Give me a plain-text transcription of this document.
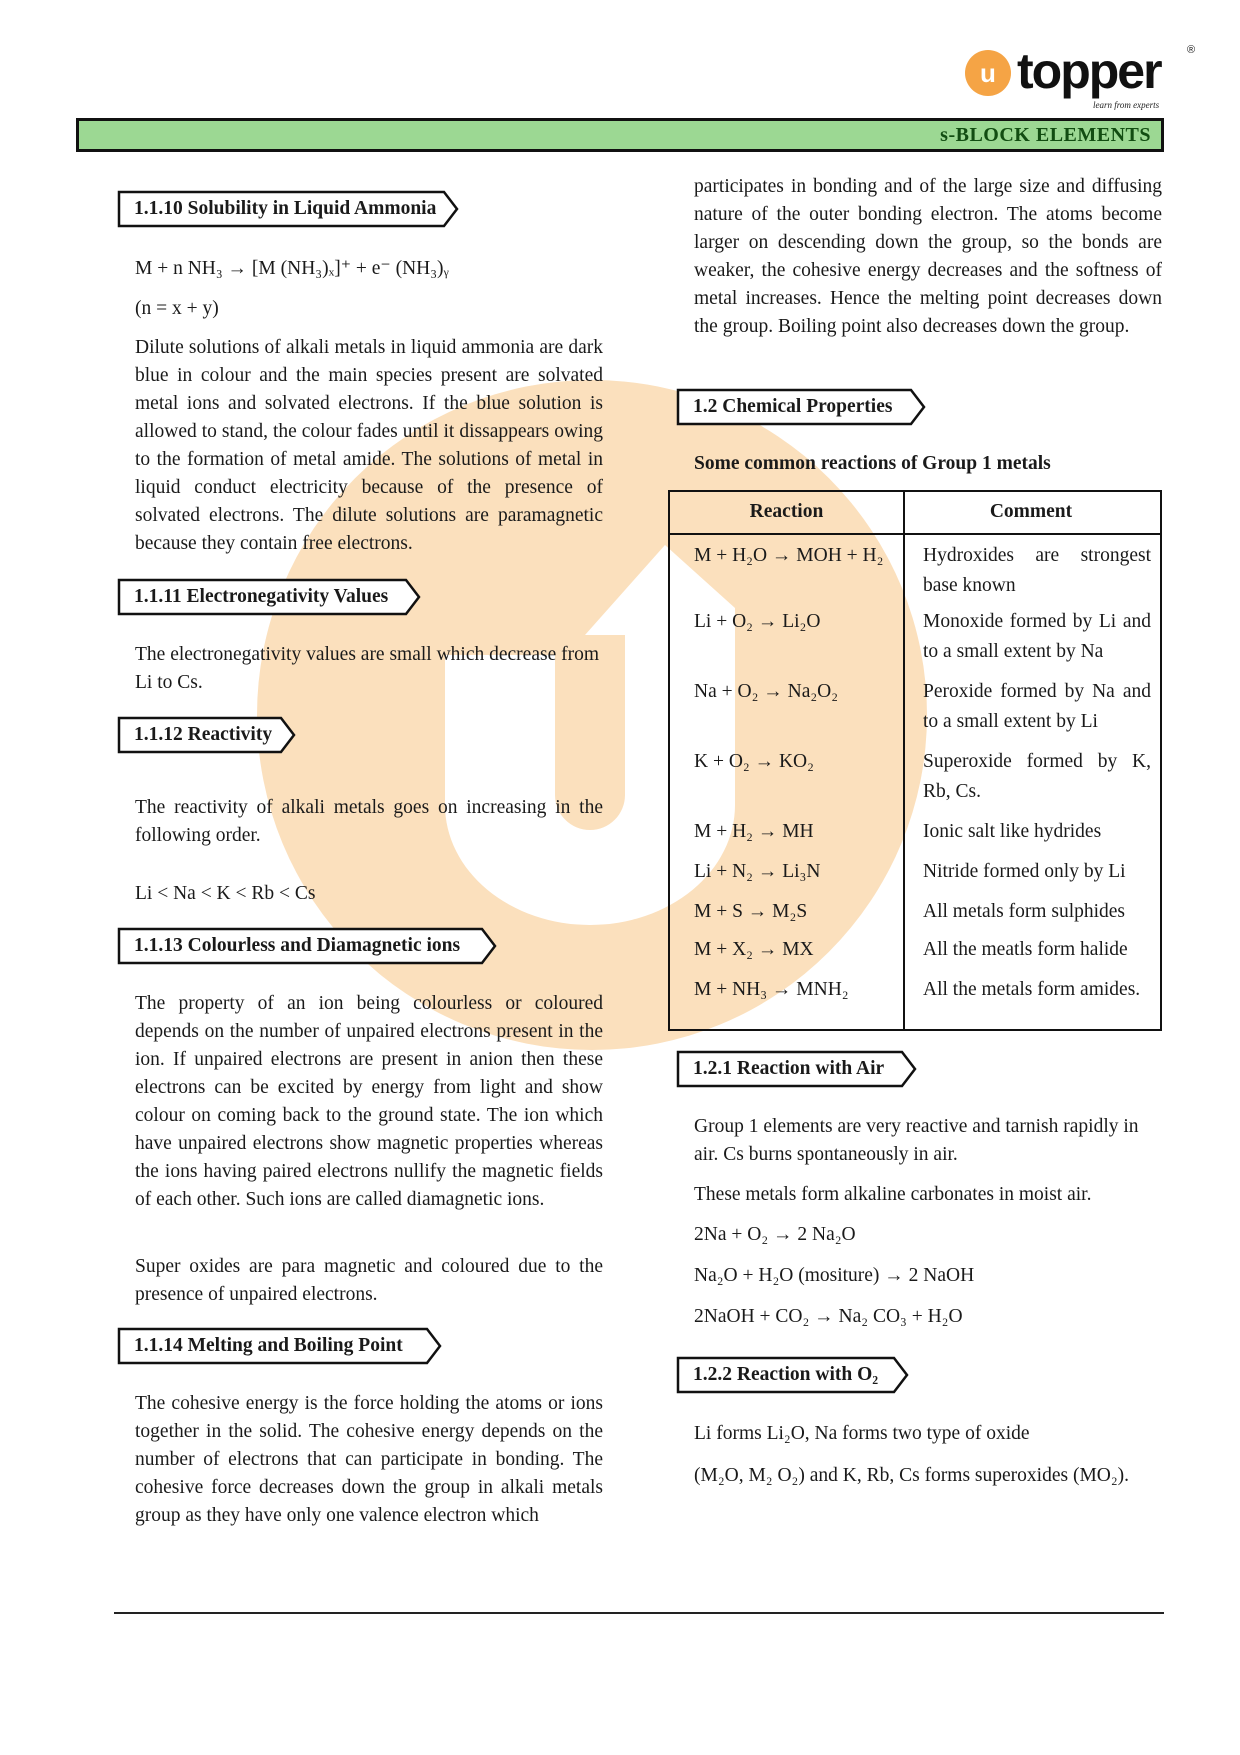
u topper
learn from experts
®
s-BLOCK ELEMENTS
1.1.10 Solubility in Liquid Ammonia
M + n NH₃ → [M (NH₃)ₓ]⁺ + e⁻ (NH₃)ᵧ
(n = x + y)
Dilute solutions of alkali metals in liquid ammonia are dark blue in colour and the main species present are solvated metal ions and solvated electrons. If the blue solution is allowed to stand, the colour fades until it dissappears owing to the formation of metal amide. The solutions of metal in liquid conduct electricity because of the presence of solvated electrons. The dilute solutions are paramagnetic because they contain free electrons.
1.1.11 Electronegativity Values
The electronegativity values are small which decrease from Li to Cs.
1.1.12 Reactivity
The reactivity of alkali metals goes on increasing in the following order.
Li < Na < K < Rb < Cs
1.1.13 Colourless and Diamagnetic ions
The property of an ion being colourless or coloured depends on the number of unpaired electrons present in the ion. If unpaired electrons are present in anion then these electrons can be excited by energy from light and show colour on coming back to the ground state. The ion which have unpaired electrons show magnetic properties whereas the ions having paired electrons nullify the magnetic fields of each other. Such ions are called diamagnetic ions.
Super oxides are para magnetic and coloured due to the presence of unpaired electrons.
1.1.14 Melting and Boiling Point
The cohesive energy is the force holding the atoms or ions together in the solid. The cohesive energy depends on the number of electrons that can participate in bonding. The cohesive force decreases down the group in alkali metals group as they have only one valence electron which
participates in bonding and of the large size and diffusing nature of the outer bonding electron. The atoms become larger on descending down the group, so the bonds are weaker, the cohesive energy decreases and the softness of metal increases. Hence the melting point decreases down the group. Boiling point also decreases down the group.
1.2 Chemical Properties
Some common reactions of Group 1 metals
Reaction	Comment
M + H₂O → MOH + H₂	Hydroxides are strongest base known
Li + O₂ → Li₂O	Monoxide formed by Li and to a small extent by Na
Na + O₂ → Na₂O₂	Peroxide formed by Na and to a small extent by Li
K + O₂ → KO₂	Superoxide formed by K, Rb, Cs.
M + H₂ → MH	Ionic salt like hydrides
Li + N₂ → Li₃N	Nitride formed only by Li
M + S → M₂S	All metals form sulphides
M + X₂ → MX	All the meatls form halide
M + NH₃ → MNH₂	All the metals form amides.
1.2.1 Reaction with Air
Group 1 elements are very reactive and tarnish rapidly in air. Cs burns spontaneously in air.
These metals form alkaline carbonates in moist air.
2Na + O₂ → 2 Na₂O
Na₂O + H₂O (mositure) → 2 NaOH
2NaOH + CO₂ → Na₂ CO₃ + H₂O
1.2.2 Reaction with O₂
Li forms Li₂O, Na forms two type of oxide
(M₂O, M₂ O₂) and K, Rb, Cs forms superoxides (MO₂).
